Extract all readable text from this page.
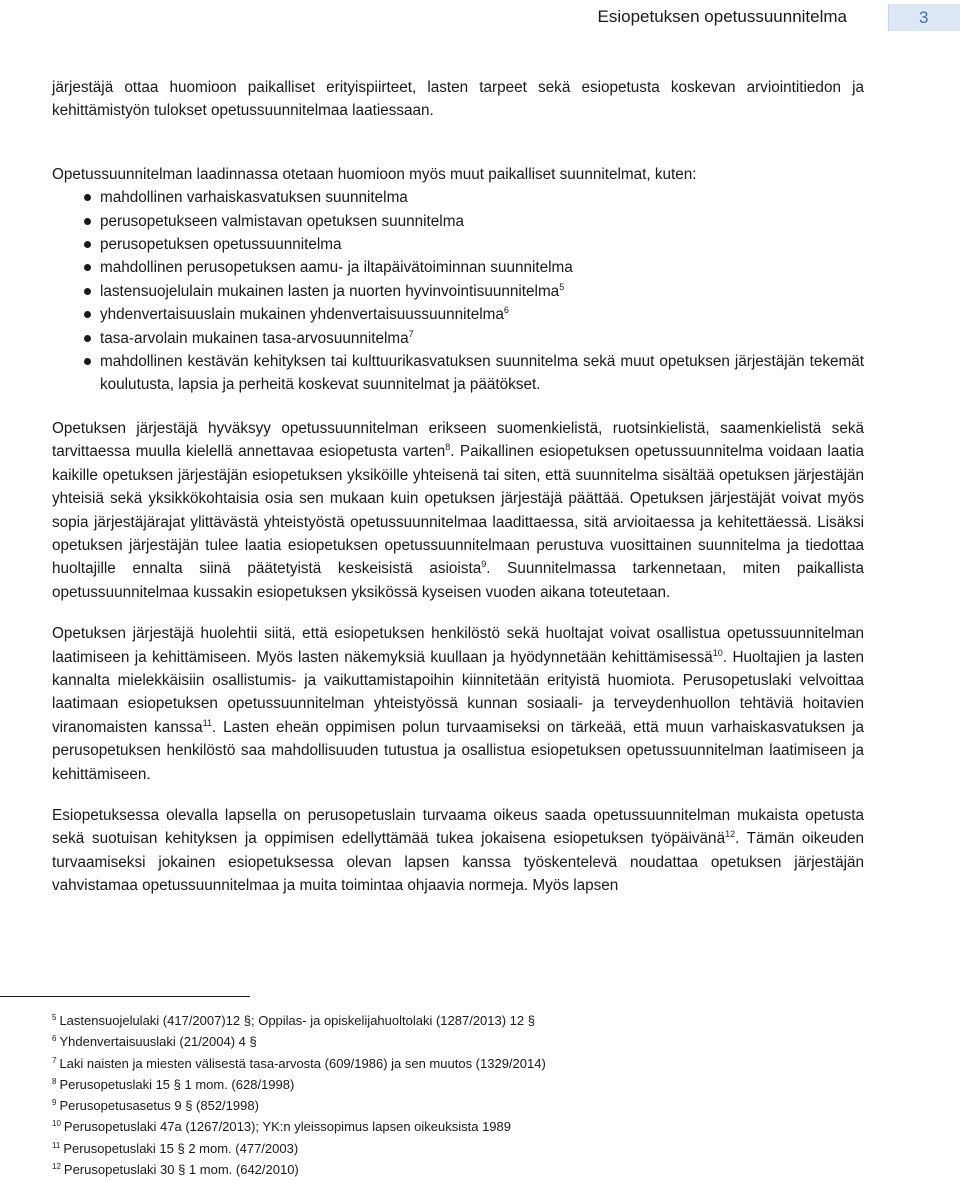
Esiopetuksen opetussuunnitelma	3

järjestäjä ottaa huomioon paikalliset erityispiirteet, lasten tarpeet sekä esiopetusta koskevan arviointitiedon ja kehittämistyön tulokset opetussuunnitelmaa laatiessaan.

Opetussuunnitelman laadinnassa otetaan huomioon myös muut paikalliset suunnitelmat, kuten:

mahdollinen varhaiskasvatuksen suunnitelma
perusopetukseen valmistavan opetuksen suunnitelma
perusopetuksen opetussuunnitelma
mahdollinen perusopetuksen aamu- ja iltapäivätoiminnan suunnitelma
lastensuojelulain mukainen lasten ja nuorten hyvinvointisuunnitelma$^5$
yhdenvertaisuuslain mukainen yhdenvertaisuussuunnitelma$^6$
tasa-arvolain mukainen tasa-arvosuunnitelma$^7$
mahdollinen kestävän kehityksen tai kulttuurikasvatuksen suunnitelma sekä muut opetuksen järjestäjän tekemät koulutusta, lapsia ja perheitä koskevat suunnitelmat ja päätökset.

Opetuksen järjestäjä hyväksyy opetussuunnitelman erikseen suomenkielistä, ruotsinkielistä, saamenkielistä sekä tarvittaessa muulla kielellä annettavaa esiopetusta varten$^8$. Paikallinen esiopetuksen opetussuunnitelma voidaan laatia kaikille opetuksen järjestäjän esiopetuksen yksiköille yhteisenä tai siten, että suunnitelma sisältää opetuksen järjestäjän yhteisiä sekä yksikkökohtaisia osia sen mukaan kuin opetuksen järjestäjä päättää. Opetuksen järjestäjät voivat myös sopia järjestäjärajat ylittävästä yhteistyöstä opetussuunnitelmaa laadittaessa, sitä arvioitaessa ja kehitettäessä. Lisäksi opetuksen järjestäjän tulee laatia esiopetuksen opetussuunnitelmaan perustuva vuosittainen suunnitelma ja tiedottaa huoltajille ennalta siinä päätetyistä keskeisistä asioista$^9$. Suunnitelmassa tarkennetaan, miten paikallista opetussuunnitelmaa kussakin esiopetuksen yksikössä kyseisen vuoden aikana toteutetaan.

Opetuksen järjestäjä huolehtii siitä, että esiopetuksen henkilöstö sekä huoltajat voivat osallistua opetussuunnitelman laatimiseen ja kehittämiseen. Myös lasten näkemyksiä kuullaan ja hyödynnetään kehittämisessä$^{10}$. Huoltajien ja lasten kannalta mielekkäisiin osallistumis- ja vaikuttamistapoihin kiinnitetään erityistä huomiota. Perusopetuslaki velvoittaa laatimaan esiopetuksen opetussuunnitelman yhteistyössä kunnan sosiaali- ja terveydenhuollon tehtäviä hoitavien viranomaisten kanssa$^{11}$. Lasten eheän oppimisen polun turvaamiseksi on tärkeää, että muun varhaiskasvatuksen ja perusopetuksen henkilöstö saa mahdollisuuden tutustua ja osallistua esiopetuksen opetussuunnitelman laatimiseen ja kehittämiseen.

Esiopetuksessa olevalla lapsella on perusopetuslain turvaama oikeus saada opetussuunnitelman mukaista opetusta sekä suotuisan kehityksen ja oppimisen edellyttämää tukea jokaisena esiopetuksen työpäivänä$^{12}$. Tämän oikeuden turvaamiseksi jokainen esiopetuksessa olevan lapsen kanssa työskentelevä noudattaa opetuksen järjestäjän vahvistamaa opetussuunnitelmaa ja muita toimintaa ohjaavia normeja. Myös lapsen

$^5$ Lastensuojelulaki (417/2007)12 §; Oppilas- ja opiskelijahuoltolaki (1287/2013) 12 §
$^6$ Yhdenvertaisuuslaki (21/2004) 4 §
$^7$ Laki naisten ja miesten välisestä tasa-arvosta (609/1986) ja sen muutos (1329/2014)
$^8$ Perusopetuslaki 15 § 1 mom. (628/1998)
$^9$ Perusopetusasetus 9 § (852/1998)
$^{10}$ Perusopetuslaki 47a (1267/2013); YK:n yleissopimus lapsen oikeuksista 1989
$^{11}$ Perusopetuslaki 15 § 2 mom. (477/2003)
$^{12}$ Perusopetuslaki 30 § 1 mom. (642/2010)
